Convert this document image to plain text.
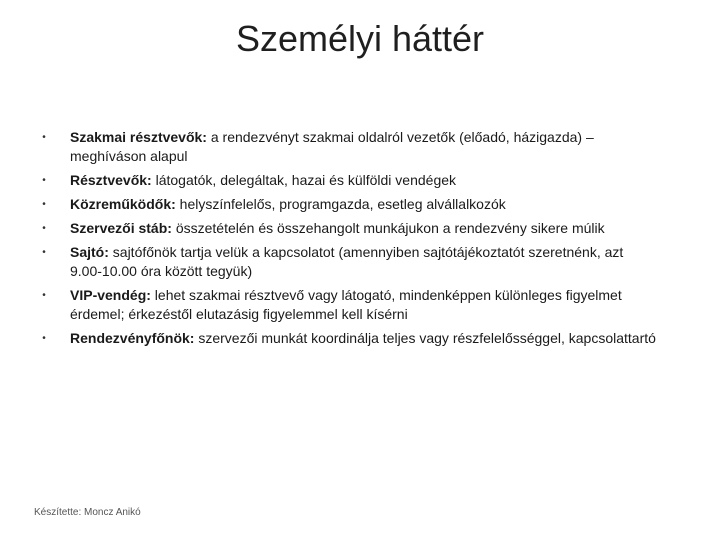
Személyi háttér
•	Szakmai résztvevők: a rendezvényt szakmai oldalról vezetők (előadó, házigazda) – meghíváson alapul
•	Résztvevők: látogatók, delegáltak, hazai és külföldi vendégek
•	Közreműködők: helyszínfelelős, programgazda, esetleg alvállalkozók
•	Szervezői stáb: összetételén és összehangolt munkájukon a rendezvény sikere múlik
•	Sajtó: sajtófőnök tartja velük a kapcsolatot (amennyiben sajtótájékoztatót szeretnénk, azt 9.00-10.00 óra között tegyük)
•	VIP-vendég: lehet szakmai résztvevő vagy látogató, mindenképpen különleges figyelmet érdemel; érkezéstől elutazásig figyelemmel kell kísérni
•	Rendezvényfőnök: szervezői munkát koordinálja teljes vagy részfelelősséggel, kapcsolattartó
Készítette: Moncz Anikó
